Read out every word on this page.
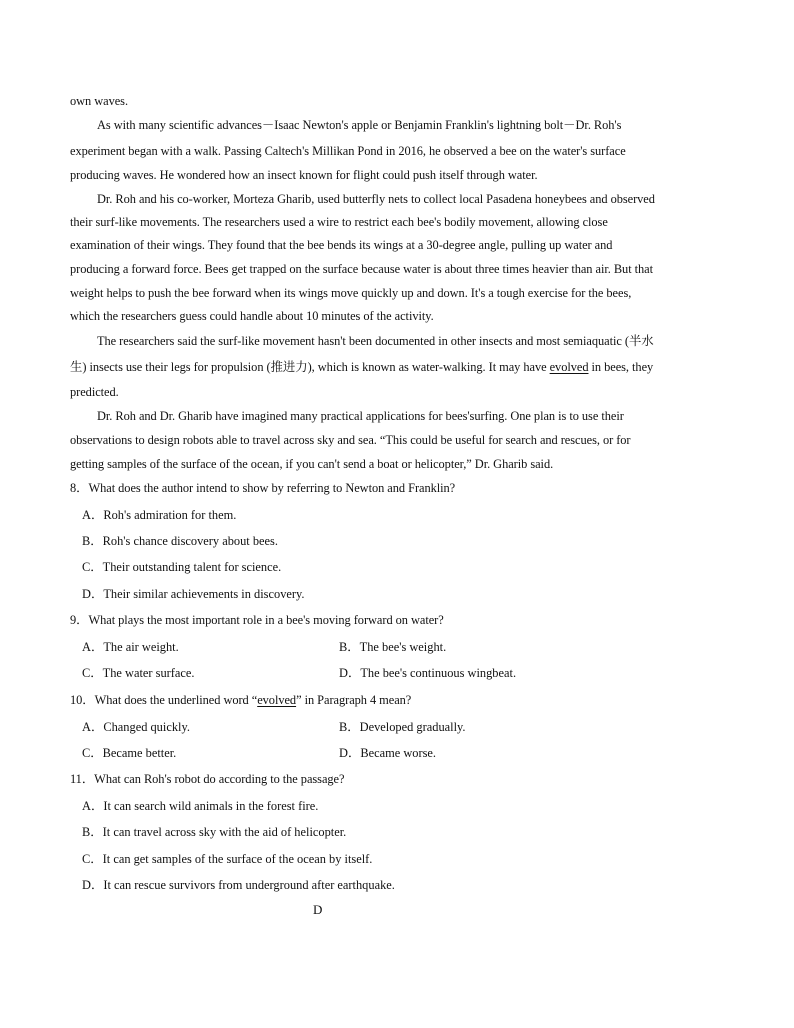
own waves.
As with many scientific advances－Isaac Newton's apple or Benjamin Franklin's lightning bolt－Dr. Roh's
experiment began with a walk. Passing Caltech's Millikan Pond in 2016, he observed a bee on the water's surface
producing waves. He wondered how an insect known for flight could push itself through water.
Dr. Roh and his co-worker, Morteza Gharib, used butterfly nets to collect local Pasadena honeybees and observed
their surf-like movements. The researchers used a wire to restrict each bee's bodily movement, allowing close
examination of their wings. They found that the bee bends its wings at a 30-degree angle, pulling up water and
producing a forward force. Bees get trapped on the surface because water is about three times heavier than air. But that
weight helps to push the bee forward when its wings move quickly up and down. It's a tough exercise for the bees,
which the researchers guess could handle about 10 minutes of the activity.
The researchers said the surf-like movement hasn't been documented in other insects and most semiaquatic (半水
生) insects use their legs for propulsion (推进力), which is known as water-walking. It may have evolved in bees, they
predicted.
Dr. Roh and Dr. Gharib have imagined many practical applications for bees'surfing. One plan is to use their
observations to design robots able to travel across sky and sea. “This could be useful for search and rescues, or for
getting samples of the surface of the ocean, if you can't send a boat or helicopter,” Dr. Gharib said.
8．What does the author intend to show by referring to Newton and Franklin?
A．Roh's admiration for them.
B．Roh's chance discovery about bees.
C．Their outstanding talent for science.
D．Their similar achievements in discovery.
9．What plays the most important role in a bee's moving forward on water?
A．The air weight.	B．The bee's weight.
C．The water surface.	D．The bee's continuous wingbeat.
10．What does the underlined word “evolved” in Paragraph 4 mean?
A．Changed quickly.	B．Developed gradually.
C．Became better.	D．Became worse.
11．What can Roh's robot do according to the passage?
A．It can search wild animals in the forest fire.
B．It can travel across sky with the aid of helicopter.
C．It can get samples of the surface of the ocean by itself.
D．It can rescue survivors from underground after earthquake.
D
